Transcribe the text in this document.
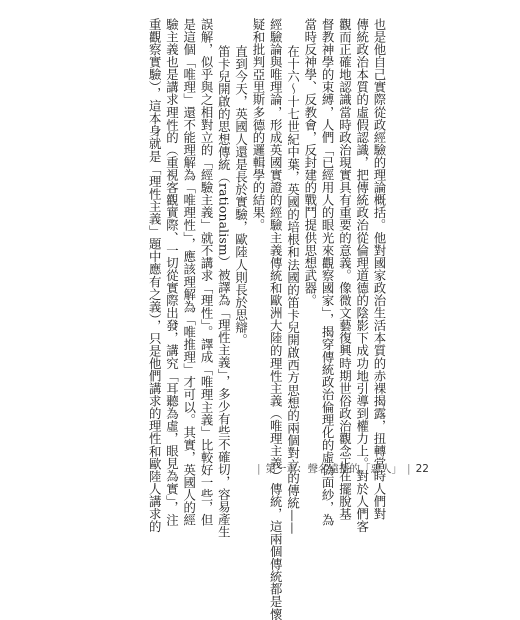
也是他自己實際從政經驗的理論概括。他對國家政治生活本質的赤裸揭露，扭轉當時人們對
傳統政治本質的虛假認識，把傳統政治從倫理道德的陰影下成功地引導到權力上。對於人們客
觀而正確地認識當時政治現實具有重要的意義。像微文藝復興時期世俗政治觀念正在擺脫基
督教神學的束縛，人們「已經用人的眼光來觀察國家」，揭穿傳統政治倫理化的虛偽面紗，為
當時反神學、反教會，反封建的戰鬥提供思想武器。
在十六～十七世紀中葉，英國的培根和法國的笛卡兒開啟西方思想的兩個對立的傳統——
經驗論與唯理論，形成英國實證的經驗主義傳統和歐洲大陸的理性主義（唯理主義）傳統，這兩個傳統都是懷
疑和批判亞里斯多德的邏輯學的結果。
直到今天，英國人還是長於實驗，歐陸人則長於思辯。
笛卡兒開啟的思想傳統（rationalism）被譯為「理性主義」，多少有些不確切，容易產生
誤解，似乎與之相對立的「經驗主義」就不講求「理性」。譯成「唯理主義」比較好一些，但
是這個「唯理」還不能理解為「唯理性」，應該理解為「唯推理」才可以。其實，英國人的經
驗主義也是講求理性的（重視客觀實際、一切從實際出發，講究「耳聽為虛，眼見為實」，注
重觀察實驗），這本身就是「理性主義」題中應有之義），只是他們講求的理性和歐陸人講求的	| 第一章：聲名遠播的「惡人」 | 22
